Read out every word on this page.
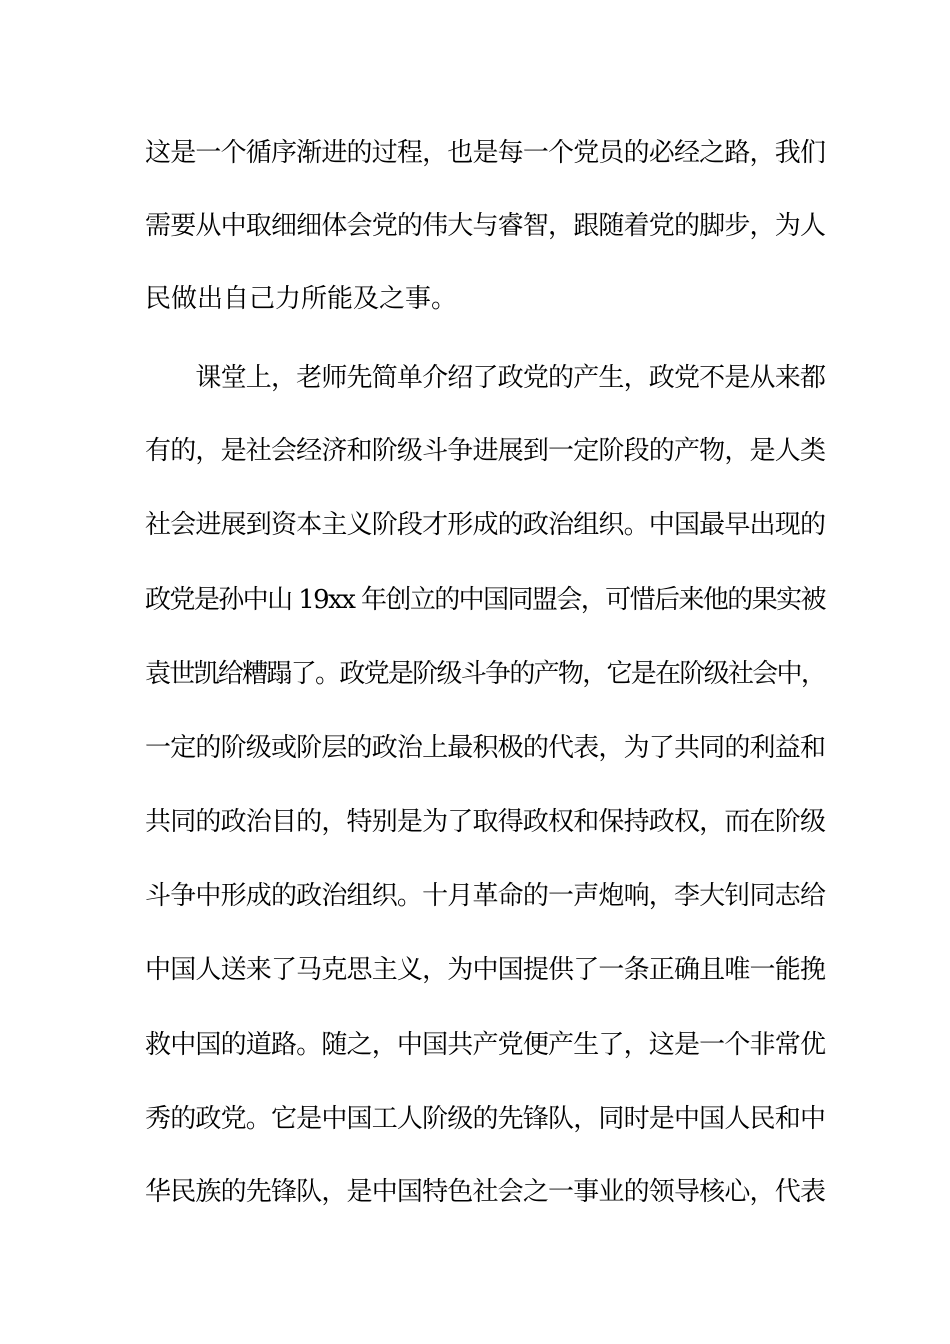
这是一个循序渐进的过程，也是每一个党员的必经之路，我们
需要从中取细细体会党的伟大与睿智，跟随着党的脚步，为人
民做出自己力所能及之事。
　　课堂上，老师先简单介绍了政党的产生，政党不是从来都
有的，是社会经济和阶级斗争进展到一定阶段的产物，是人类
社会进展到资本主义阶段才形成的政治组织。中国最早出现的
政党是孙中山 19xx 年创立的中国同盟会，可惜后来他的果实被
袁世凯给糟蹋了。政党是阶级斗争的产物，它是在阶级社会中，
一定的阶级或阶层的政治上最积极的代表，为了共同的利益和
共同的政治目的，特别是为了取得政权和保持政权，而在阶级
斗争中形成的政治组织。十月革命的一声炮响，李大钊同志给
中国人送来了马克思主义，为中国提供了一条正确且唯一能挽
救中国的道路。随之，中国共产党便产生了，这是一个非常优
秀的政党。它是中国工人阶级的先锋队，同时是中国人民和中
华民族的先锋队，是中国特色社会之一事业的领导核心，代表
